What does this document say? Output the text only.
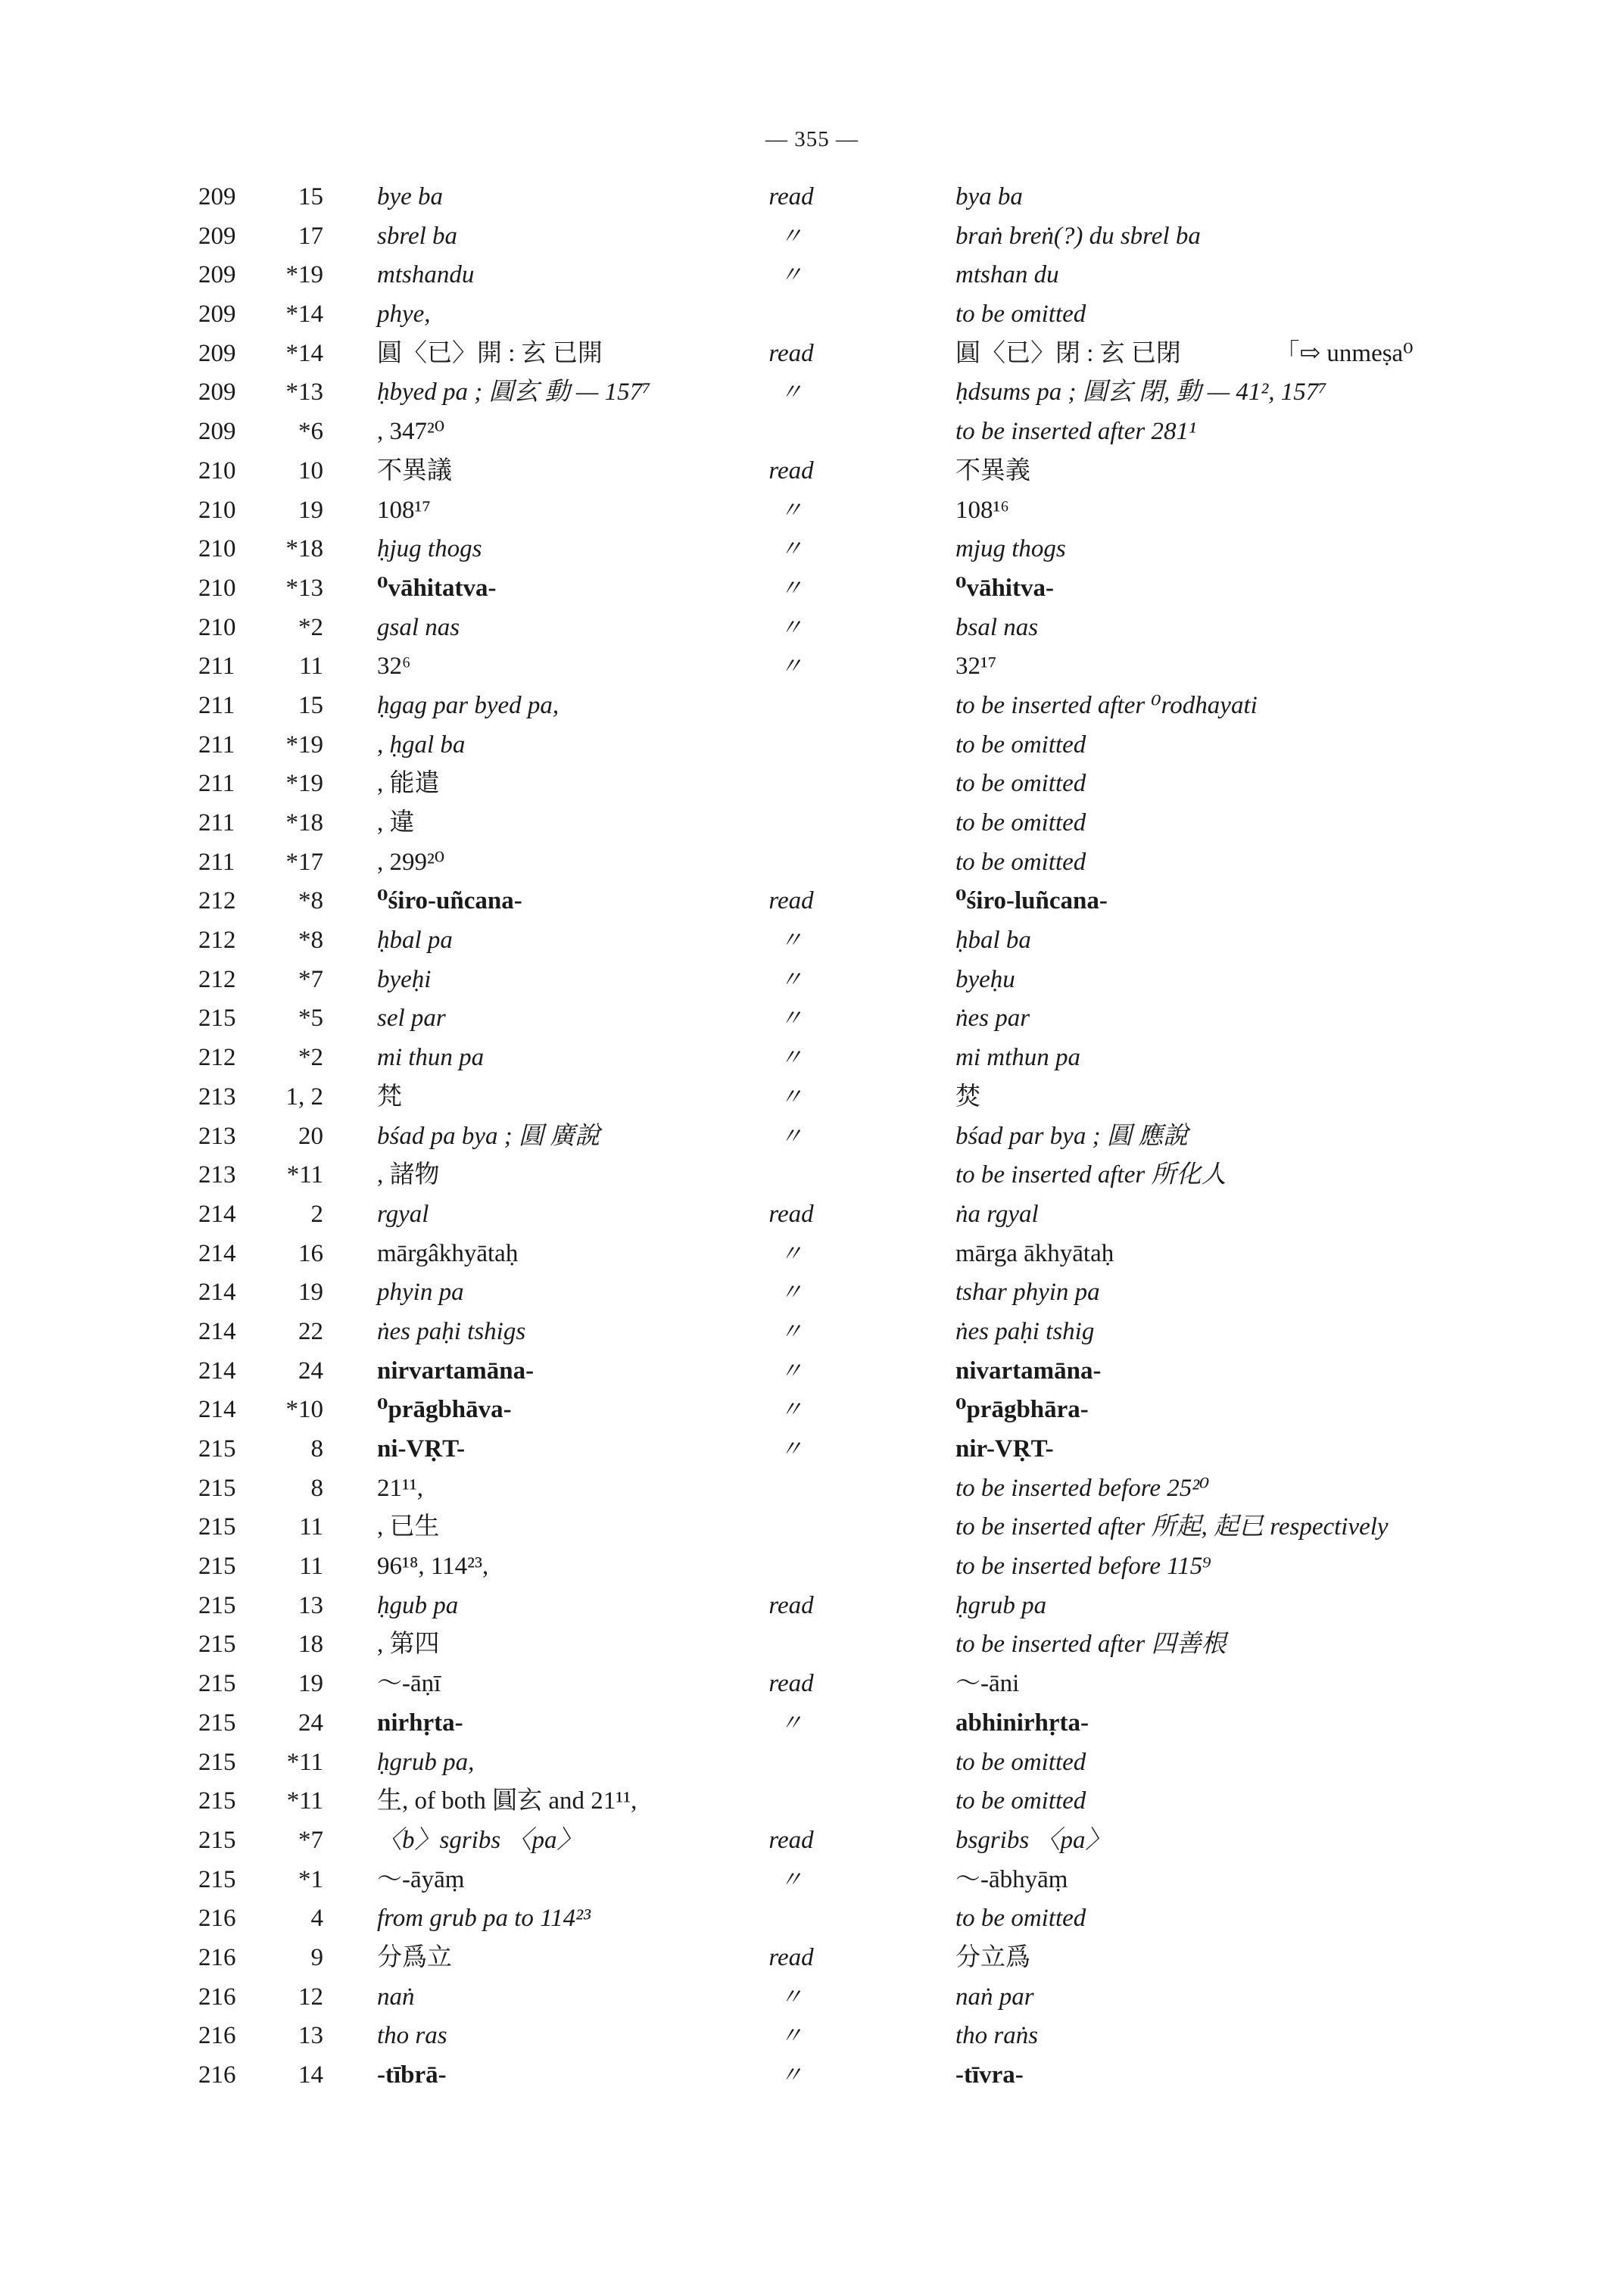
— 355 —
209	15 bye ba	read	bya ba
209	17 sbrel ba	〃	braṅ breṅ(?) du sbrel ba
209	*19 mtshandu	〃	mtshan du
209	*14 phye,	to be omitted
209	*14 圓〈已〉開 : 玄 已開	read	圓〈已〉閉 : 玄 已閉	｢⇨ unmeṣa⁰
209	*13 ḥbyed pa ; 圓玄 動 — 157⁷	〃	ḥdsums pa ; 圓玄 閉, 動 — 41², 157⁷
209	*6 , 347²⁰	to be inserted after 281¹
210	10 不異議	read	不異義
210	19 108¹⁷	〃	108¹⁶
210	*18 ḥjug thogs	〃	mjug thogs
210	*13 ⁰vāhitatva-	〃	⁰vāhitva-
210	*2 gsal nas	〃	bsal nas
211	11 32⁶	〃	32¹⁷
211	15 ḥgag par byed pa,	to be inserted after ⁰rodhayati
211	*19 , ḥgal ba	to be omitted
211	*19 , 能遣	to be omitted
211	*18 , 違	to be omitted
211	*17 , 299²⁰	to be omitted
212	*8 ⁰śiro-uñcana-	read	⁰śiro-luñcana-
212	*8 ḥbal pa	〃	ḥbal ba
212	*7 byeḥi	〃	byeḥu
215	*5 sel par	〃	ṅes par
212	*2 mi thun pa	〃	mi mthun pa
213	1, 2 梵	〃	焚
213	20 bśad pa bya ; 圓 廣說	〃	bśad par bya ; 圓 應說
213	*11 , 諸物	to be inserted after 所化人
214	2 rgyal	read	ṅa rgyal
214	16 mārgâkhyātaḥ	〃	mārga ākhyātaḥ
214	19 phyin pa	〃	tshar phyin pa
214	22 ṅes paḥi tshigs	〃	ṅes paḥi tshig
214	24 nirvartamāna-	〃	nivartamāna-
214	*10 ⁰prāgbhāva-	〃	⁰prāgbhāra-
215	8 ni-VṚT-	〃	nir-VṚT-
215	8 21¹¹,	to be inserted before 25²⁰
215	11 , 已生	to be inserted after 所起, 起已 respectively
215	11 96¹⁸, 114²³,	to be inserted before 115⁹
215	13 ḥgub pa	read	ḥgrub pa
215	18 , 第四	to be inserted after 四善根
215	19 〜-āṇī	read	〜-āni
215	24 nirhṛta-	〃	abhinirhṛta-
215	*11 ḥgrub pa,	to be omitted
215	*11 生, of both 圓玄 and 21¹¹,	to be omitted
215	*7 〈b〉sgribs 〈pa〉	read	bsgribs 〈pa〉
215	*1 〜-āyāṃ	〃	〜-ābhyāṃ
216	4 from grub pa to 114²³	to be omitted
216	9 分爲立	read	分立爲
216	12 naṅ	〃	naṅ par
216	13 tho ras	〃	tho raṅs
216	14 -tībrā-	〃	-tīvra-
